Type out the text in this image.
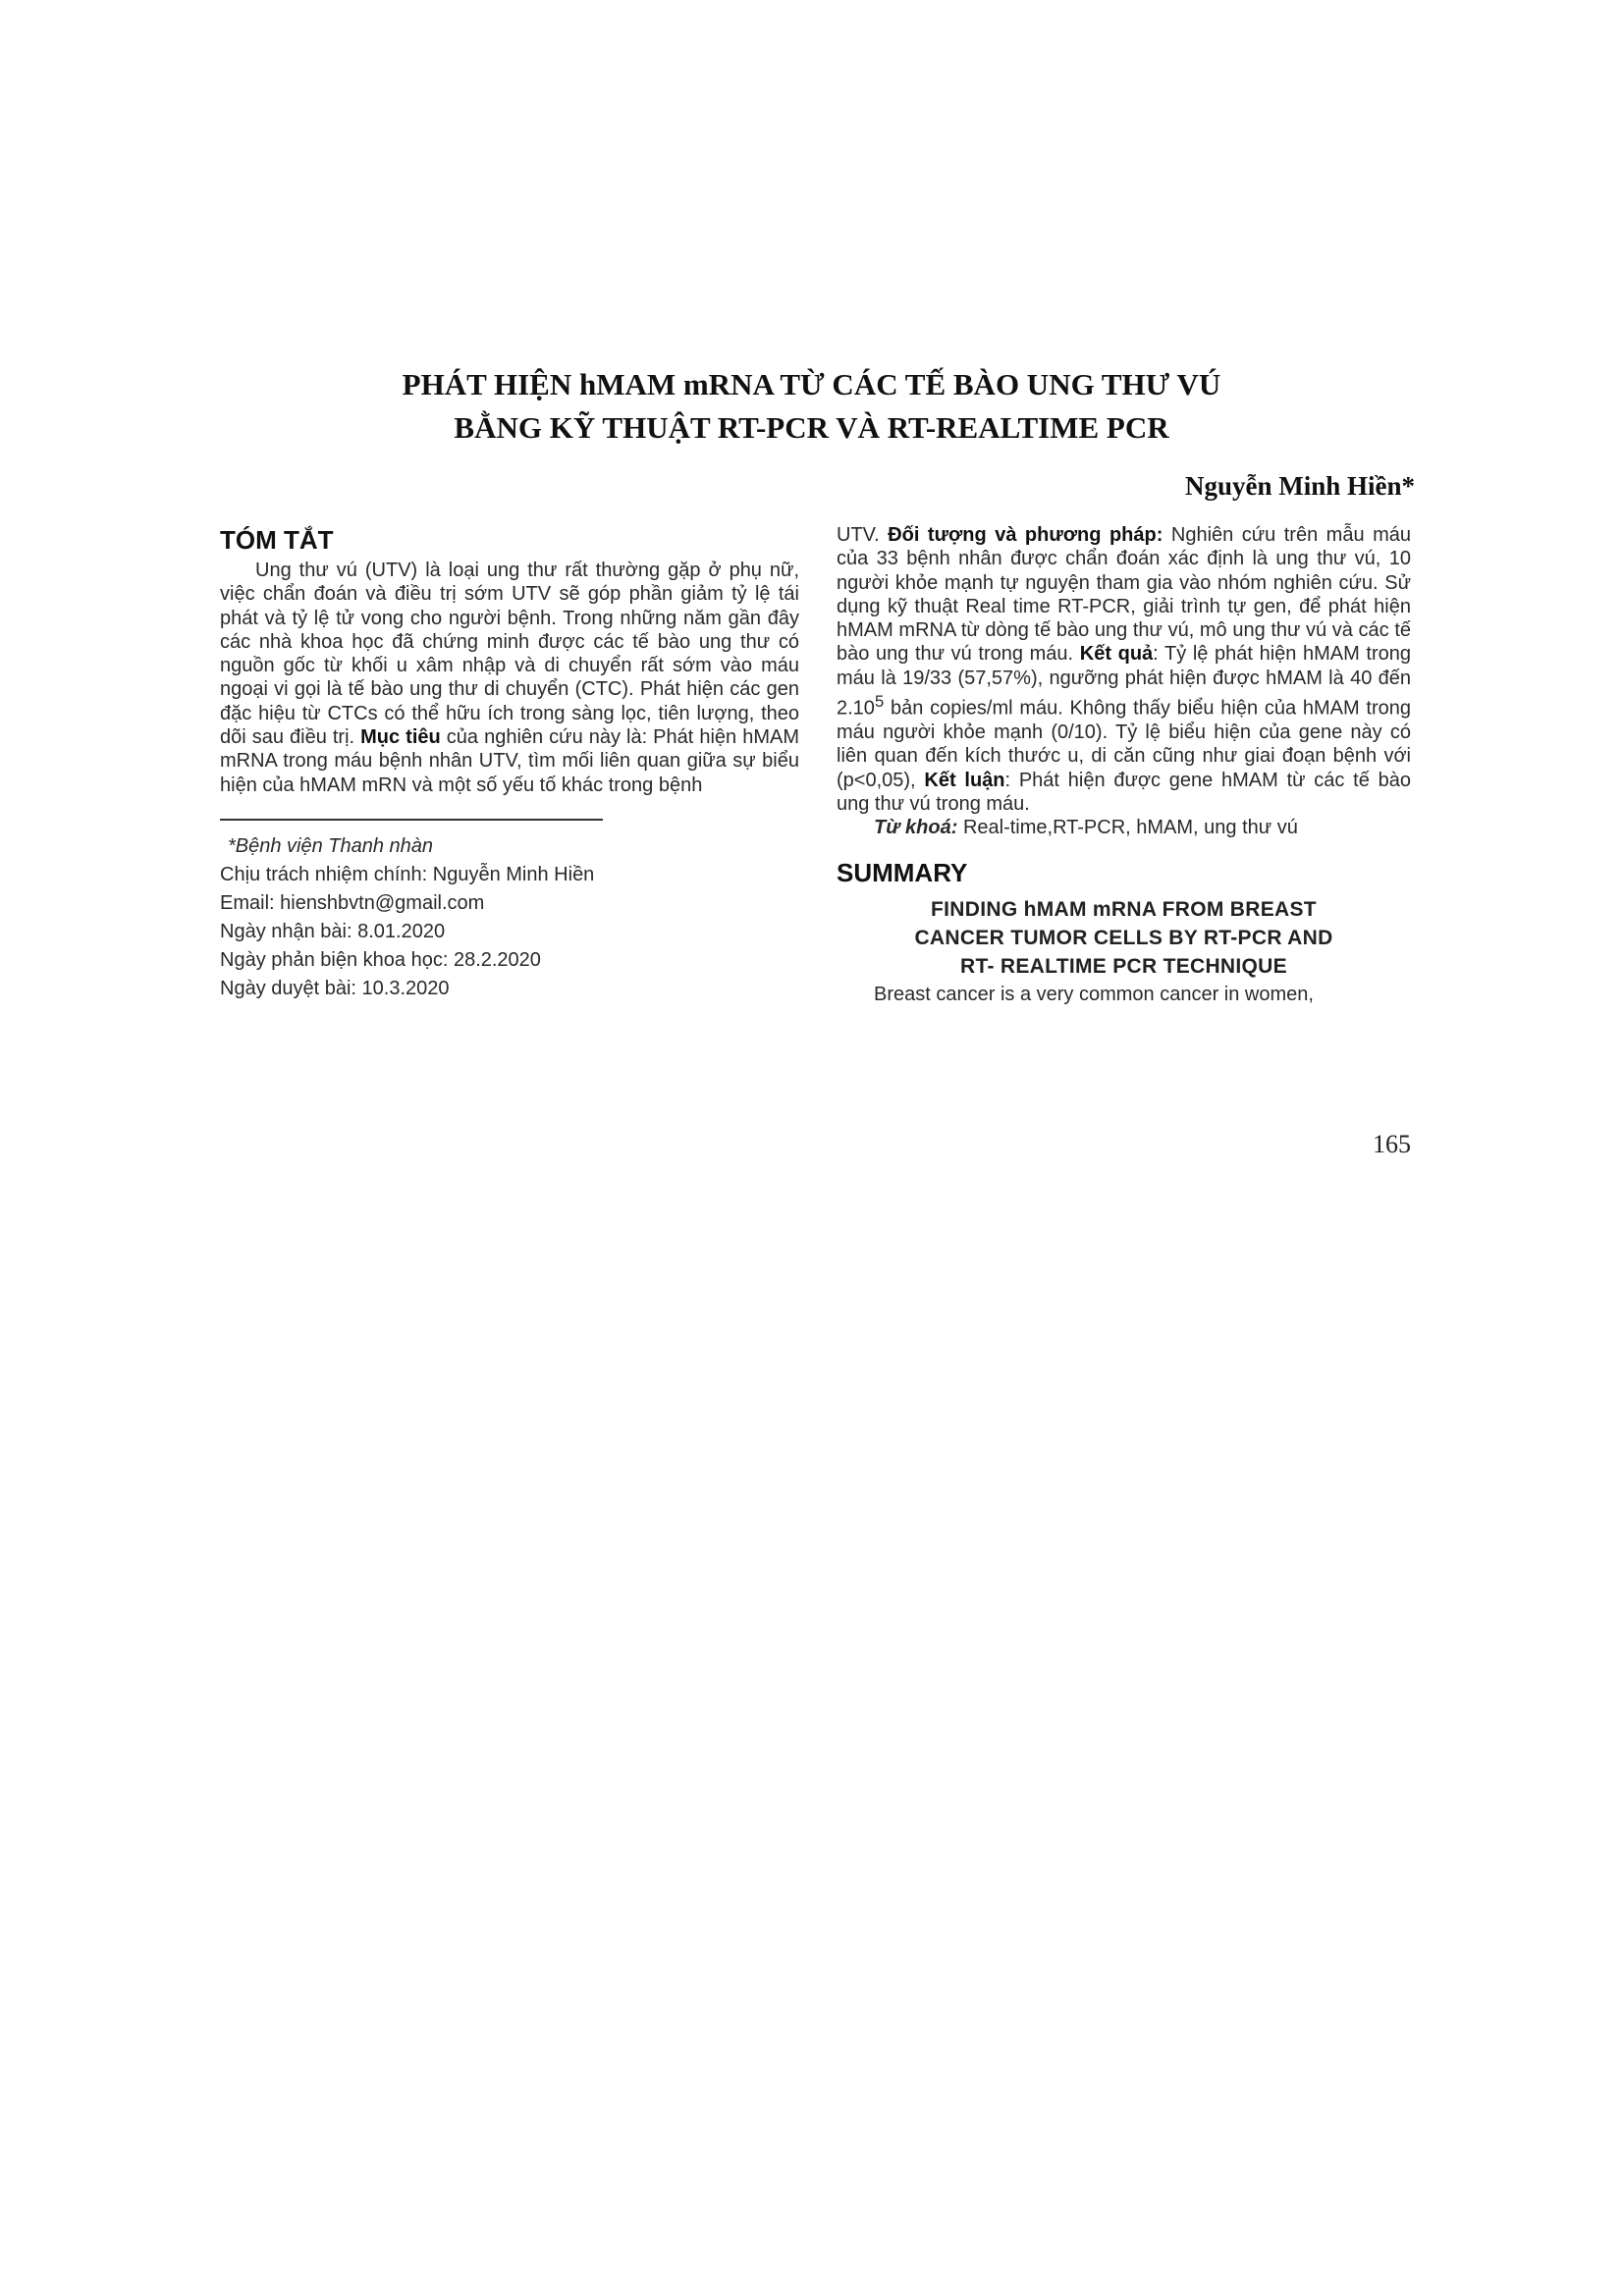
PHÁT HIỆN hMAM mRNA TỪ CÁC TẾ BÀO UNG THƯ VÚ
BẰNG KỸ THUẬT RT-PCR VÀ RT-REALTIME PCR
Nguyễn Minh Hiền*
TÓM TẮT

Ung thư vú (UTV) là loại ung thư rất thường gặp ở phụ nữ, việc chẩn đoán và điều trị sớm UTV sẽ góp phần giảm tỷ lệ tái phát và tỷ lệ tử vong cho người bệnh. Trong những năm gần đây các nhà khoa học đã chứng minh được các tế bào ung thư có nguồn gốc từ khối u xâm nhập và di chuyển rất sớm vào máu ngoại vi gọi là tế bào ung thư di chuyển (CTC). Phát hiện các gen đặc hiệu từ CTCs có thể hữu ích trong sàng lọc, tiên lượng, theo dõi sau điều trị. Mục tiêu của nghiên cứu này là: Phát hiện hMAM mRNA trong máu bệnh nhân UTV, tìm mối liên quan giữa sự biểu hiện của hMAM mRN và một số yếu tố khác trong bệnh

*Bệnh viện Thanh nhàn
Chịu trách nhiệm chính: Nguyễn Minh Hiền
Email: hienshbvtn@gmail.com
Ngày nhận bài: 8.01.2020
Ngày phản biện khoa học: 28.2.2020
Ngày duyệt bài: 10.3.2020

UTV. Đối tượng và phương pháp: Nghiên cứu trên mẫu máu của 33 bệnh nhân được chẩn đoán xác định là ung thư vú, 10 người khỏe mạnh tự nguyện tham gia vào nhóm nghiên cứu. Sử dụng kỹ thuật Real time RT-PCR, giải trình tự gen, để phát hiện hMAM mRNA từ dòng tế bào ung thư vú, mô ung thư vú và các tế bào ung thư vú trong máu. Kết quả: Tỷ lệ phát hiện hMAM trong máu là 19/33 (57,57%), ngưỡng phát hiện được hMAM là 40 đến 2.10$^5$ bản copies/ml máu. Không thấy biểu hiện của hMAM trong máu người khỏe mạnh (0/10). Tỷ lệ biểu hiện của gene này có liên quan đến kích thước u, di căn cũng như giai đoạn bệnh với (p<0,05), Kết luận: Phát hiện được gene hMAM từ các tế bào ung thư vú trong máu.

Từ khoá: Real-time,RT-PCR, hMAM, ung thư vú

SUMMARY
FINDING hMAM mRNA FROM BREAST
CANCER TUMOR CELLS BY RT-PCR AND
RT- REALTIME PCR TECHNIQUE

Breast cancer is a very common cancer in women,

165
